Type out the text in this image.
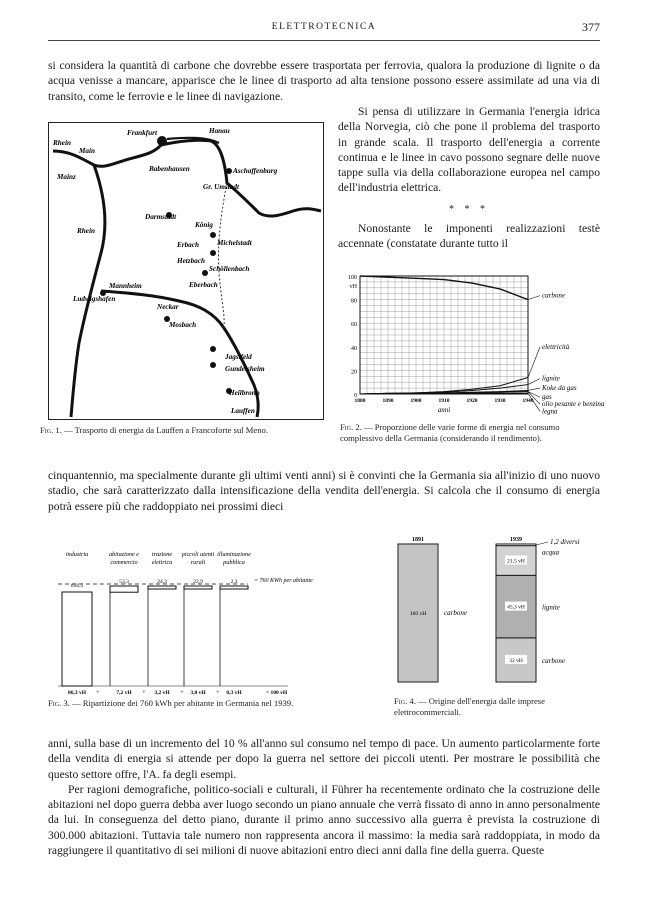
ELETTROTECNICA	377

si considera la quantità di carbone che dovrebbe essere trasportata per ferrovia, qualora la produzione di lignite o da acqua venisse a mancare, apparisce che le linee di trasporto ad alta tensione possono essere assimilate ad una via di transito, come le ferrovie e le linee di navigazione.

Frankfurt	Hanau
Mainz
Rhein
Main
Babenhausen	Aschaffenburg
Gr. Umstadt
Darmstadt
König
Erbach	Michelstadt
Hetzbach
Schöllenbach
Eberbach
Neckar
Ludwigshafen
Mannheim
Mosbach
Jagstfeld
Gundelsheim
Heilbronn
Lauffen
Rhein
Fig. 1. — Trasporto di energia da Lauffen a Francoforte sul Meno.

Si pensa di utilizzare in Germania l'energia idrica della Norvegia, ciò che pone il problema del trasporto in grande scala. Il trasporto dell'energia a corrente continua e le linee in cavo possono segnare delle nuove tappe sulla via della collaborazione europea nel campo dell'industria elettrica.

* * *

Nonostante le imponenti realizzazioni testè accennate (constatate durante tutto il

100
80
60
40
20
0
vH
1880	1890	1900	1910	1920	1930	1940
anni
carbone
elettricità
lignite
Koke da gas
gas
olio pesante e benzina
legna
Fig. 2. — Proporzione delle varie forme di energia nel consumo complessivo della Germania (considerando il rendimento).

cinquantennio, ma specialmente durante gli ultimi venti anni) si è convinti che la Germania sia all'inizio di uno nuovo stadio, che sarà caratterizzato dalla intensificazione della vendita dell'energia. Si calcola che il consumo di energia potrà essere più che raddoppiato nei prossimi dieci

656.5
industria
86,3 vH +
53,3
abitazione e
commercio
7,2 vH +
24,3
trazione
elettrica
3,2 vH +
22,9
piccoli utenti
rurali
3,0 vH +
2.3
illuminazione
pubblica
0,3 vH
= 760 KWh per abitante
= 100 vH
Fig. 3. — Ripartizione dei 760 kWh per abitante in Germania nel 1939.
1891	1939
100 vH	carbone
32 vH	carbone
45,3 vH lignite
21,5 vH
acqua
1,2 diversi
Fig. 4. — Origine dell'energia dalle imprese elettrocommerciali.

anni, sulla base di un incremento del 10 % all'anno sul consumo nel tempo di pace. Un aumento particolarmente forte della vendita di energia si attende per dopo la guerra nel settore dei piccoli utenti. Per mostrare le possibilità che questo settore offre, l'A. fa degli esempi.

Per ragioni demografiche, politico-sociali e culturali, il Führer ha recentemente ordinato che la costruzione delle abitazioni nel dopo guerra debba aver luogo secondo un piano annuale che verrà fissato di anno in anno personalmente da lui. In conseguenza del detto piano, durante il primo anno successivo alla guerra è prevista la costruzione di 300.000 abitazioni. Tuttavia tale numero non rappresenta ancora il massimo: la media sarà raddoppiata, in modo da raggiungere il quantitativo di sei milioni di nuove abitazioni entro dieci anni dalla fine della guerra. Queste
